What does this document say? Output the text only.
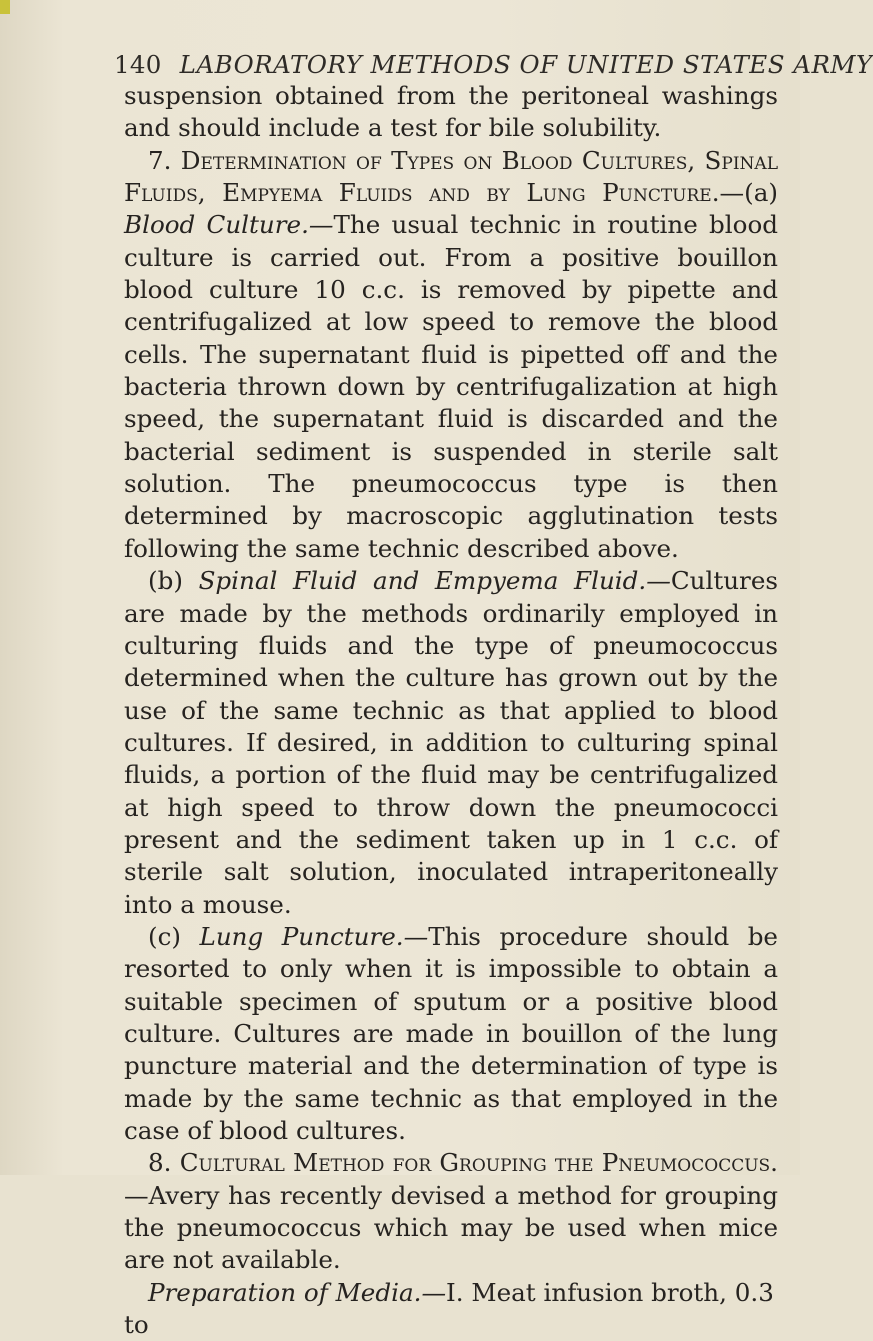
140 LABORATORY METHODS OF UNITED STATES ARMY

suspension obtained from the peritoneal washings and should include a test for bile solubility.

7. Determination of Types on Blood Cultures, Spinal Fluids, Empyema Fluids and by Lung Puncture.—(a) Blood Culture.—The usual technic in routine blood culture is carried out. From a positive bouillon blood culture 10 c.c. is removed by pipette and centrifugalized at low speed to remove the blood cells. The supernatant fluid is pipetted off and the bacteria thrown down by centrifugalization at high speed, the supernatant fluid is discarded and the bacterial sediment is suspended in sterile salt solution. The pneumococcus type is then determined by macroscopic agglutination tests following the same technic described above.

(b) Spinal Fluid and Empyema Fluid.—Cultures are made by the methods ordinarily employed in culturing fluids and the type of pneumococcus determined when the culture has grown out by the use of the same technic as that applied to blood cultures. If desired, in addition to culturing spinal fluids, a portion of the fluid may be centrifugalized at high speed to throw down the pneumococci present and the sediment taken up in 1 c.c. of sterile salt solution, inoculated intraperitoneally into a mouse.

(c) Lung Puncture.—This procedure should be resorted to only when it is impossible to obtain a suitable specimen of sputum or a positive blood culture. Cultures are made in bouillon of the lung puncture material and the determination of type is made by the same technic as that employed in the case of blood cultures.

8. Cultural Method for Grouping the Pneumococcus.—Avery has recently devised a method for grouping the pneumococcus which may be used when mice are not available.

Preparation of Media.—I. Meat infusion broth, 0.3 to
